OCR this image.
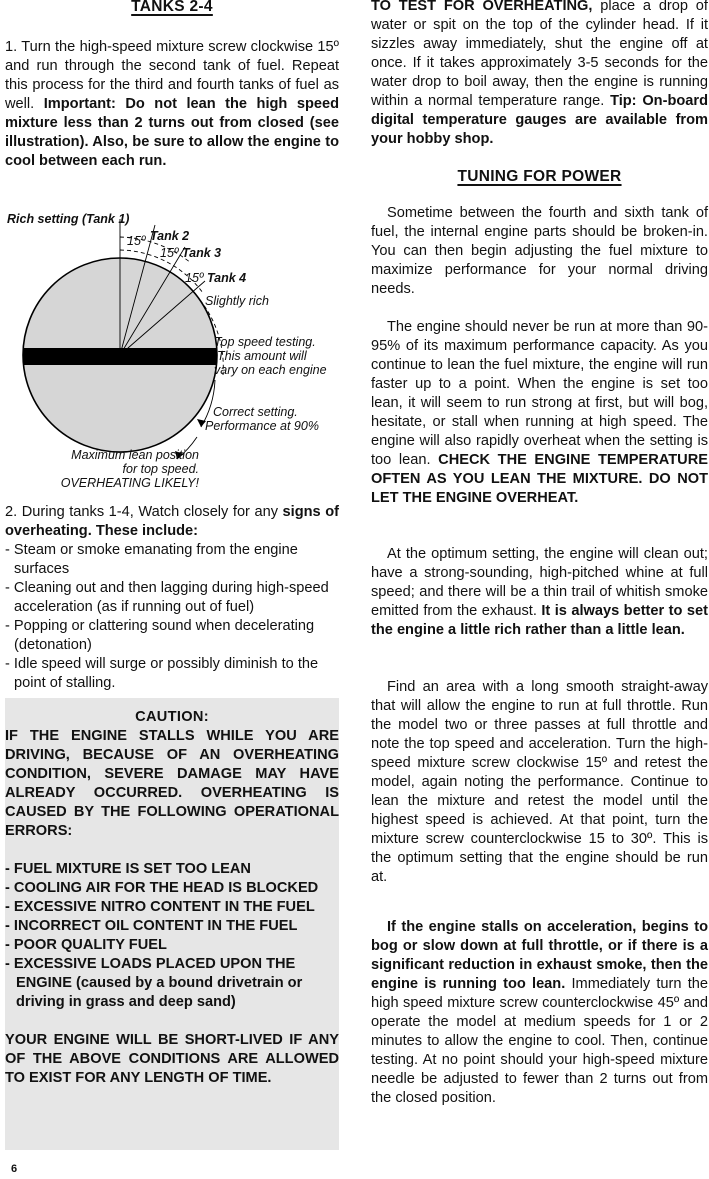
TANKS 2-4

1. Turn the high-speed mixture screw clockwise 15º and run through the second tank of fuel. Repeat this process for the third and fourth tanks of fuel as well. Important: Do not lean the high speed mixture less than 2 turns out from closed (see illustration). Also, be sure to allow the engine to cool between each run.

Rich setting (Tank 1)
15º Tank 2
15º Tank 3
15º Tank 4
Slightly rich
Top speed testing.
This amount will
vary on each engine
Correct setting.
Performance at 90%
Maximum lean position
for top speed.
OVERHEATING LIKELY!

2. During tanks 1-4, Watch closely for any signs of overheating. These include:

- Steam or smoke emanating from the engine surfaces
- Cleaning out and then lagging during high-speed acceleration (as if running out of fuel)
- Popping or clattering sound when decelerating (detonation)
- Idle speed will surge or possibly diminish to the point of stalling.
CAUTION:
IF THE ENGINE STALLS WHILE YOU ARE DRIVING, BECAUSE OF AN OVERHEATING CONDITION, SEVERE DAMAGE MAY HAVE ALREADY OCCURRED. OVERHEATING IS CAUSED BY THE FOLLOWING OPERATIONAL ERRORS:
- FUEL MIXTURE IS SET TOO LEAN
- COOLING AIR FOR THE HEAD IS BLOCKED
- EXCESSIVE NITRO CONTENT IN THE FUEL
- INCORRECT OIL CONTENT IN THE FUEL
- POOR QUALITY FUEL
- EXCESSIVE LOADS PLACED UPON THE ENGINE (caused by a bound drivetrain or driving in grass and deep sand)
YOUR ENGINE WILL BE SHORT-LIVED IF ANY OF THE ABOVE CONDITIONS ARE ALLOWED TO EXIST FOR ANY LENGTH OF TIME.
6

TO TEST FOR OVERHEATING, place a drop of water or spit on the top of the cylinder head. If it sizzles away immediately, shut the engine off at once. If it takes approximately 3-5 seconds for the water drop to boil away, then the engine is running within a normal temperature range. Tip: On-board digital temperature gauges are available from your hobby shop.

TUNING FOR POWER

Sometime between the fourth and sixth tank of fuel, the internal engine parts should be broken-in. You can then begin adjusting the fuel mixture to maximize performance for your normal driving needs.

The engine should never be run at more than 90-95% of its maximum performance capacity. As you continue to lean the fuel mixture, the engine will run faster up to a point. When the engine is set too lean, it will seem to run strong at first, but will bog, hesitate, or stall when running at high speed. The engine will also rapidly overheat when the setting is too lean. CHECK THE ENGINE TEMPERATURE OFTEN AS YOU LEAN THE MIXTURE. DO NOT LET THE ENGINE OVERHEAT.

At the optimum setting, the engine will clean out; have a strong-sounding, high-pitched whine at full speed; and there will be a thin trail of whitish smoke emitted from the exhaust. It is always better to set the engine a little rich rather than a little lean.

Find an area with a long smooth straight-away that will allow the engine to run at full throttle. Run the model two or three passes at full throttle and note the top speed and acceleration. Turn the high-speed mixture screw clockwise 15º and retest the model, again noting the performance. Continue to lean the mixture and retest the model until the highest speed is achieved. At that point, turn the mixture screw counterclockwise 15 to 30º. This is the optimum setting that the engine should be run at.

If the engine stalls on acceleration, begins to bog or slow down at full throttle, or if there is a significant reduction in exhaust smoke, then the engine is running too lean. Immediately turn the high speed mixture screw counterclockwise 45º and operate the model at medium speeds for 1 or 2 minutes to allow the engine to cool. Then, continue testing. At no point should your high-speed mixture needle be adjusted to fewer than 2 turns out from the closed position.
